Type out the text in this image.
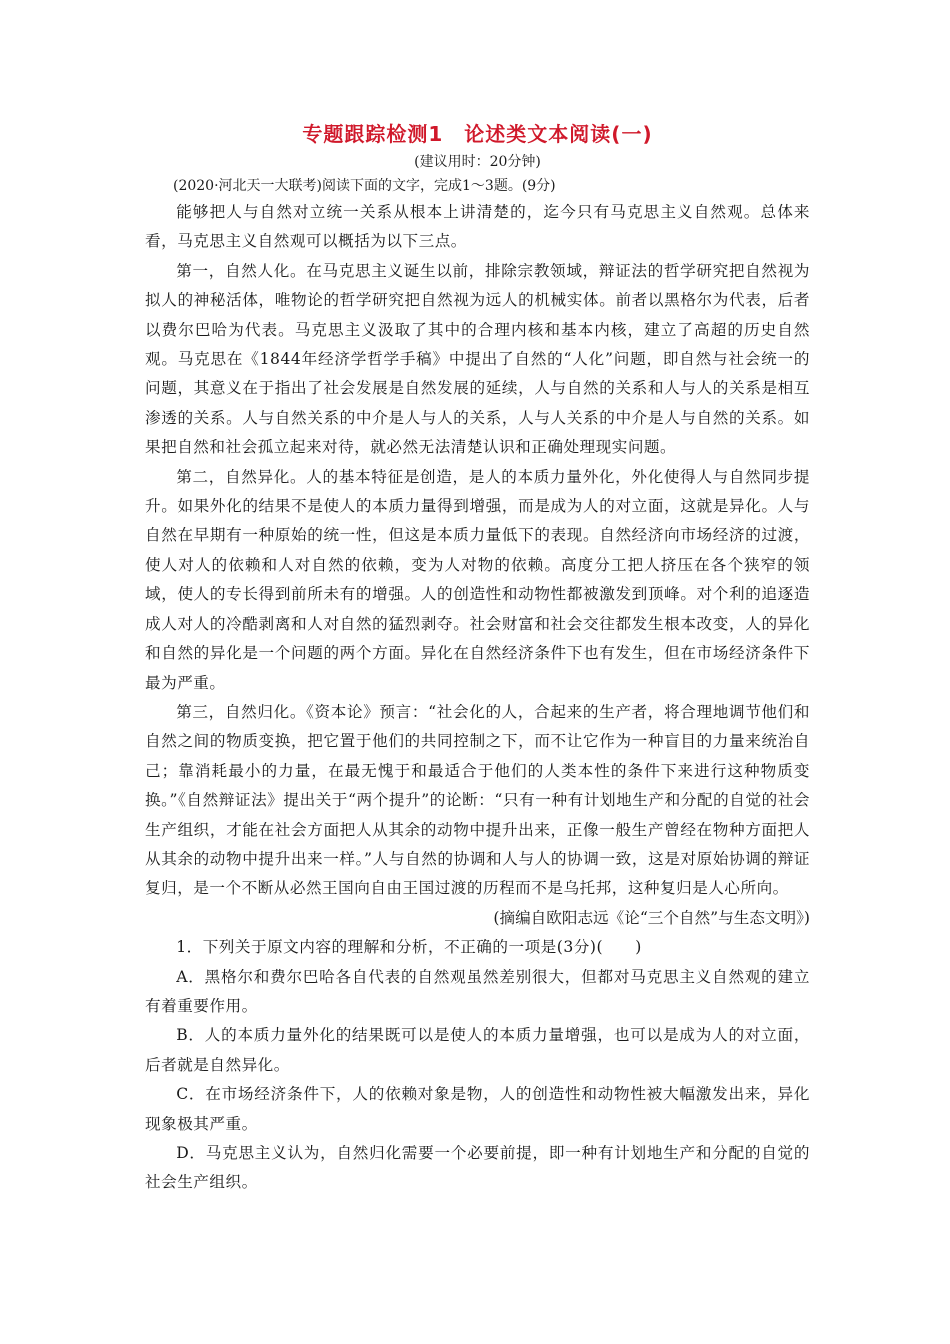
专题跟踪检测1　论述类文本阅读(一)

(建议用时：20分钟)

(2020·河北天一大联考)阅读下面的文字，完成1～3题。(9分)

能够把人与自然对立统一关系从根本上讲清楚的，迄今只有马克思主义自然观。总体来看，马克思主义自然观可以概括为以下三点。

第一，自然人化。在马克思主义诞生以前，排除宗教领域，辩证法的哲学研究把自然视为拟人的神秘活体，唯物论的哲学研究把自然视为远人的机械实体。前者以黑格尔为代表，后者以费尔巴哈为代表。马克思主义汲取了其中的合理内核和基本内核，建立了高超的历史自然观。马克思在《1844年经济学哲学手稿》中提出了自然的“人化”问题，即自然与社会统一的问题，其意义在于指出了社会发展是自然发展的延续，人与自然的关系和人与人的关系是相互渗透的关系。人与自然关系的中介是人与人的关系，人与人关系的中介是人与自然的关系。如果把自然和社会孤立起来对待，就必然无法清楚认识和正确处理现实问题。

第二，自然异化。人的基本特征是创造，是人的本质力量外化，外化使得人与自然同步提升。如果外化的结果不是使人的本质力量得到增强，而是成为人的对立面，这就是异化。人与自然在早期有一种原始的统一性，但这是本质力量低下的表现。自然经济向市场经济的过渡，使人对人的依赖和人对自然的依赖，变为人对物的依赖。高度分工把人挤压在各个狭窄的领域，使人的专长得到前所未有的增强。人的创造性和动物性都被激发到顶峰。对个利的追逐造成人对人的冷酷剥离和人对自然的猛烈剥夺。社会财富和社会交往都发生根本改变，人的异化和自然的异化是一个问题的两个方面。异化在自然经济条件下也有发生，但在市场经济条件下最为严重。

第三，自然归化。《资本论》预言：“社会化的人，合起来的生产者，将合理地调节他们和自然之间的物质变换，把它置于他们的共同控制之下，而不让它作为一种盲目的力量来统治自己；靠消耗最小的力量，在最无愧于和最适合于他们的人类本性的条件下来进行这种物质变换。”《自然辩证法》提出关于“两个提升”的论断：“只有一种有计划地生产和分配的自觉的社会生产组织，才能在社会方面把人从其余的动物中提升出来，正像一般生产曾经在物种方面把人从其余的动物中提升出来一样。”人与自然的协调和人与人的协调一致，这是对原始协调的辩证复归，是一个不断从必然王国向自由王国过渡的历程而不是乌托邦，这种复归是人心所向。

(摘编自欧阳志远《论“三个自然”与生态文明》)

1．下列关于原文内容的理解和分析，不正确的一项是(3分)(　　)

A．黑格尔和费尔巴哈各自代表的自然观虽然差别很大，但都对马克思主义自然观的建立有着重要作用。

B．人的本质力量外化的结果既可以是使人的本质力量增强，也可以是成为人的对立面，后者就是自然异化。

C．在市场经济条件下，人的依赖对象是物，人的创造性和动物性被大幅激发出来，异化现象极其严重。

D．马克思主义认为，自然归化需要一个必要前提，即一种有计划地生产和分配的自觉的社会生产组织。
